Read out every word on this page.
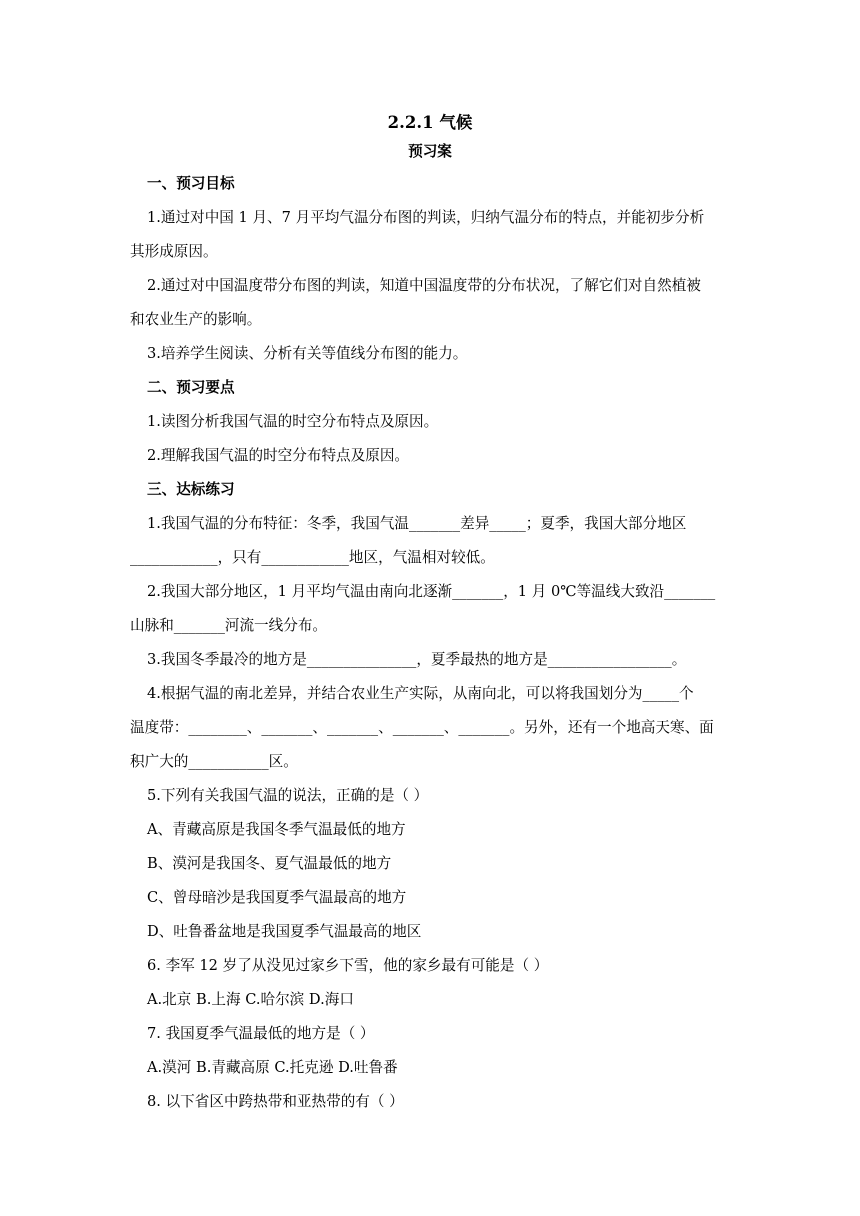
2.2.1 气候
预习案
一、预习目标
1.通过对中国 1 月、7 月平均气温分布图的判读，归纳气温分布的特点，并能初步分析
其形成原因。
2.通过对中国温度带分布图的判读，知道中国温度带的分布状况，了解它们对自然植被
和农业生产的影响。
3.培养学生阅读、分析有关等值线分布图的能力。
二、预习要点
1.读图分析我国气温的时空分布特点及原因。
2.理解我国气温的时空分布特点及原因。
三、达标练习
1.我国气温的分布特征：冬季，我国气温_______差异_____；夏季，我国大部分地区
____________，只有____________地区，气温相对较低。
2.我国大部分地区，1 月平均气温由南向北逐渐_______，1 月 0℃等温线大致沿_______
山脉和_______河流一线分布。
3.我国冬季最冷的地方是_______________，夏季最热的地方是_________________。
4.根据气温的南北差异，并结合农业生产实际，从南向北，可以将我国划分为_____个
温度带：________、_______、_______、_______、_______。另外，还有一个地高天寒、面
积广大的___________区。
5.下列有关我国气温的说法，正确的是（ ）
A、青藏高原是我国冬季气温最低的地方
B、漠河是我国冬、夏气温最低的地方
C、曾母暗沙是我国夏季气温最高的地方
D、吐鲁番盆地是我国夏季气温最高的地区
6. 李军 12 岁了从没见过家乡下雪，他的家乡最有可能是（ ）
A.北京 B.上海 C.哈尔滨 D.海口
7. 我国夏季气温最低的地方是（ ）
A.漠河 B.青藏高原 C.托克逊 D.吐鲁番
8. 以下省区中跨热带和亚热带的有（ ）
